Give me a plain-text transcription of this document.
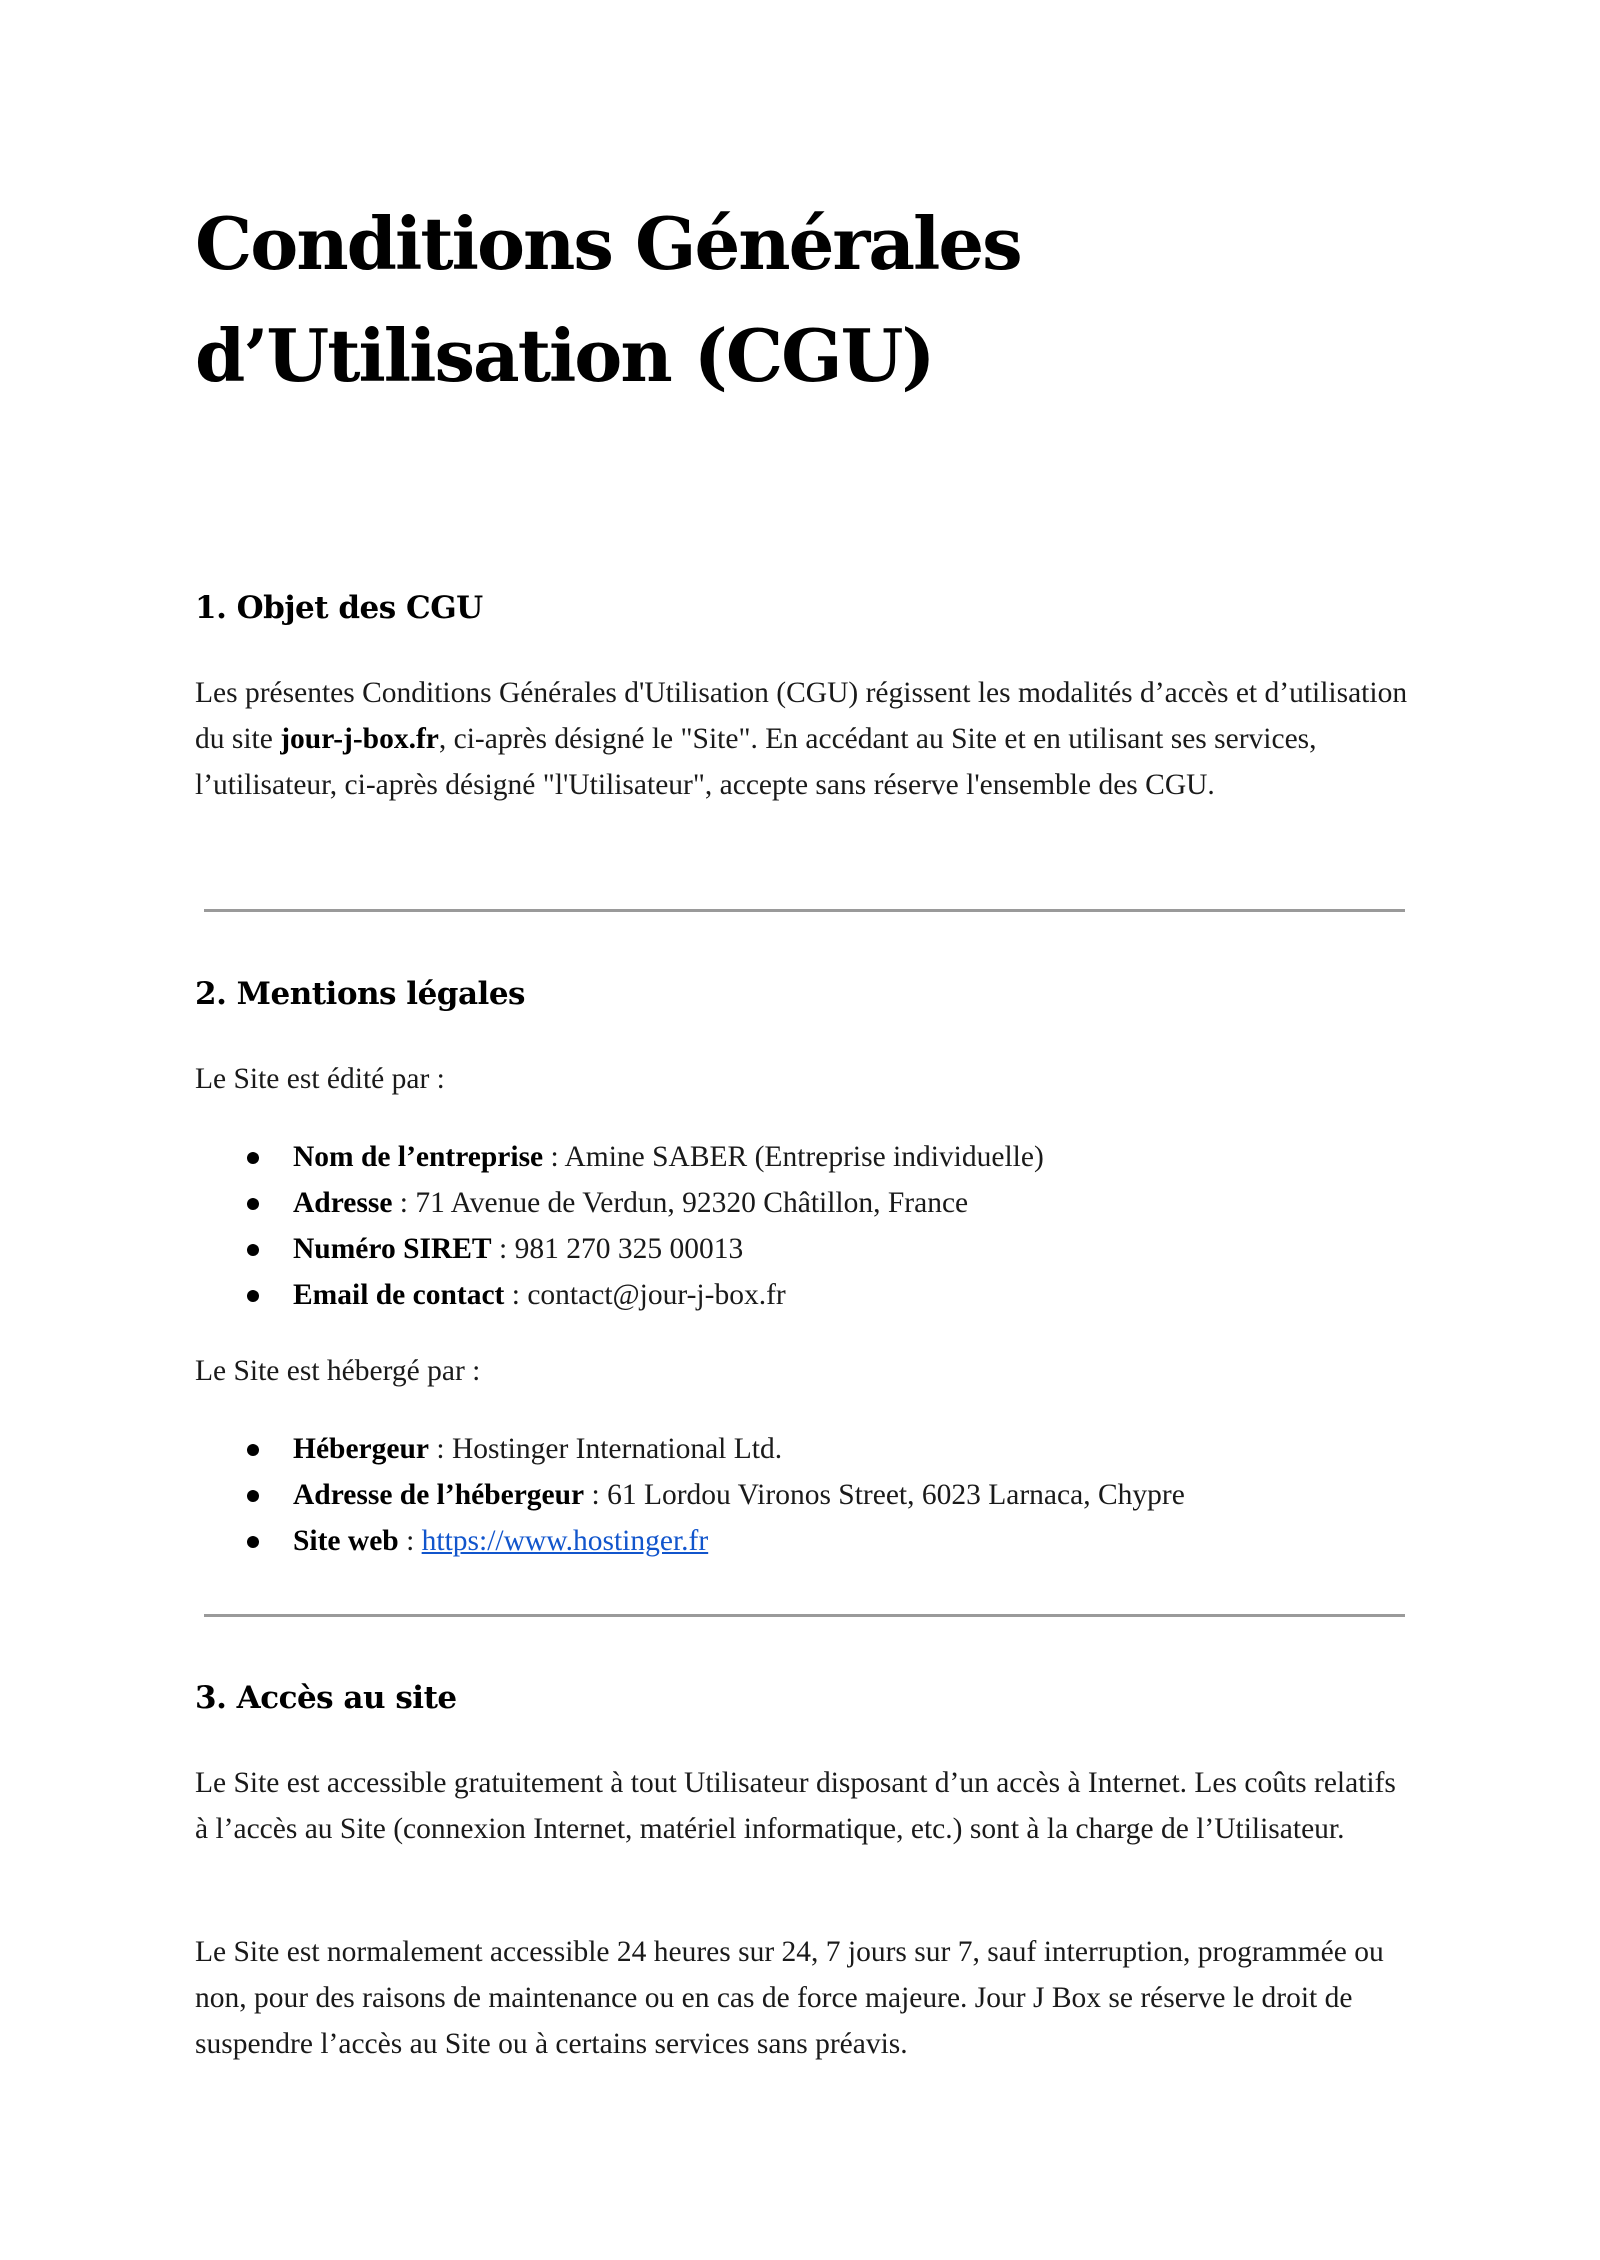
Conditions Générales d’Utilisation (CGU)
1. Objet des CGU

Les présentes Conditions Générales d'Utilisation (CGU) régissent les modalités d’accès et d’utilisation du site jour-j-box.fr, ci-après désigné le "Site". En accédant au Site et en utilisant ses services, l’utilisateur, ci-après désigné "l'Utilisateur", accepte sans réserve l'ensemble des CGU.

2. Mentions légales

Le Site est édité par :

Nom de l’entreprise : Amine SABER (Entreprise individuelle)
Adresse : 71 Avenue de Verdun, 92320 Châtillon, France
Numéro SIRET : 981 270 325 00013
Email de contact : contact@jour-j-box.fr

Le Site est hébergé par :

Hébergeur : Hostinger International Ltd.
Adresse de l’hébergeur : 61 Lordou Vironos Street, 6023 Larnaca, Chypre
Site web : https://www.hostinger.fr
3. Accès au site

Le Site est accessible gratuitement à tout Utilisateur disposant d’un accès à Internet. Les coûts relatifs à l’accès au Site (connexion Internet, matériel informatique, etc.) sont à la charge de l’Utilisateur.

Le Site est normalement accessible 24 heures sur 24, 7 jours sur 7, sauf interruption, programmée ou non, pour des raisons de maintenance ou en cas de force majeure. Jour J Box se réserve le droit de suspendre l’accès au Site ou à certains services sans préavis.
